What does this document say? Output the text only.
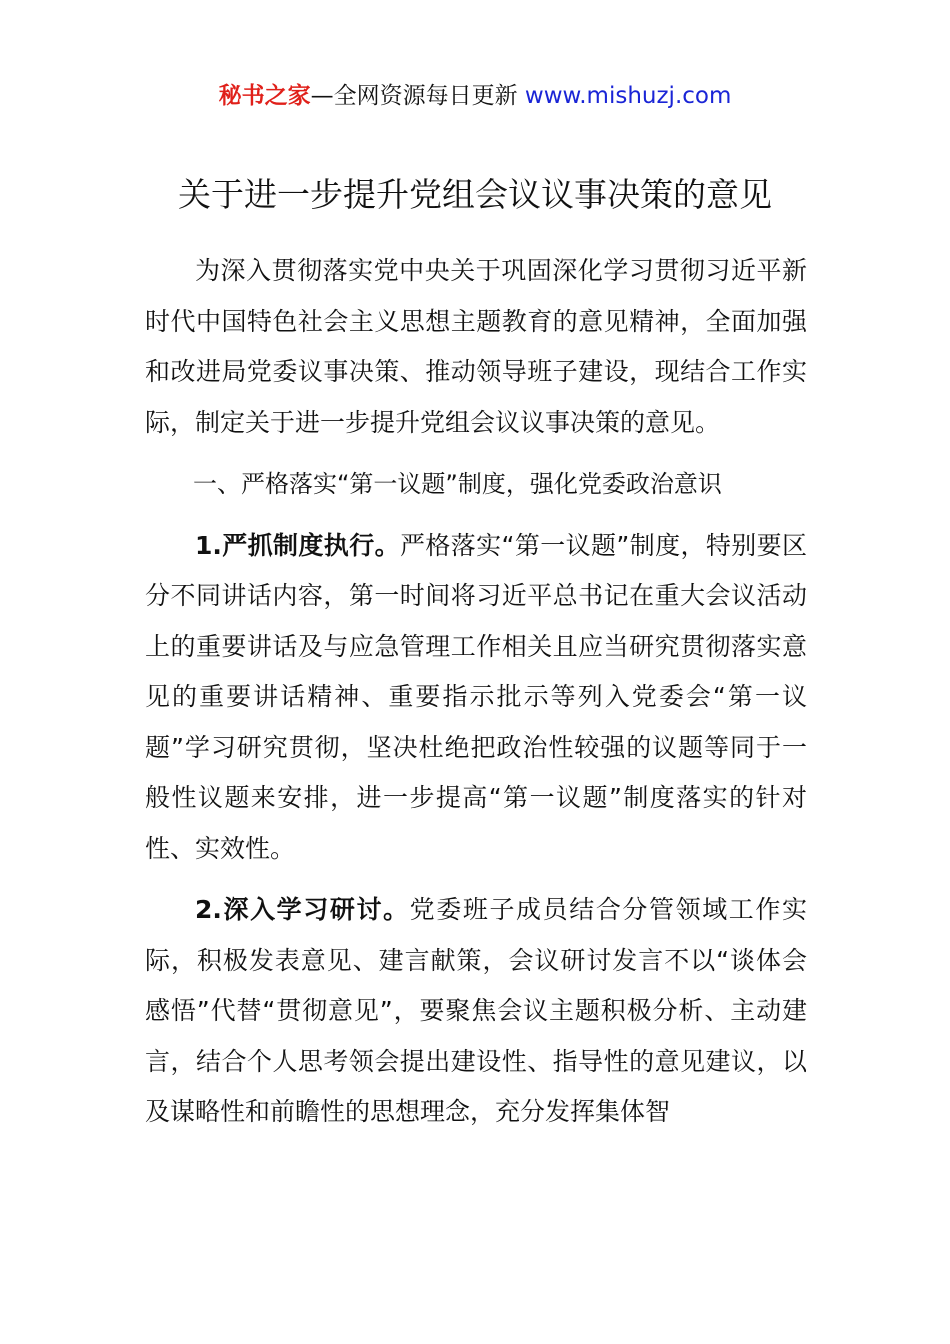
秘书之家—全网资源每日更新 www.mishuzj.com
关于进一步提升党组会议议事决策的意见

为深入贯彻落实党中央关于巩固深化学习贯彻习近平新时代中国特色社会主义思想主题教育的意见精神，全面加强和改进局党委议事决策、推动领导班子建设，现结合工作实际，制定关于进一步提升党组会议议事决策的意见。

一、严格落实“第一议题”制度，强化党委政治意识

1.严抓制度执行。严格落实“第一议题”制度，特别要区分不同讲话内容，第一时间将习近平总书记在重大会议活动上的重要讲话及与应急管理工作相关且应当研究贯彻落实意见的重要讲话精神、重要指示批示等列入党委会“第一议题”学习研究贯彻，坚决杜绝把政治性较强的议题等同于一般性议题来安排，进一步提高“第一议题”制度落实的针对性、实效性。

2.深入学习研讨。党委班子成员结合分管领域工作实际，积极发表意见、建言献策，会议研讨发言不以“谈体会感悟”代替“贯彻意见”，要聚焦会议主题积极分析、主动建言，结合个人思考领会提出建设性、指导性的意见建议，以及谋略性和前瞻性的思想理念，充分发挥集体智
